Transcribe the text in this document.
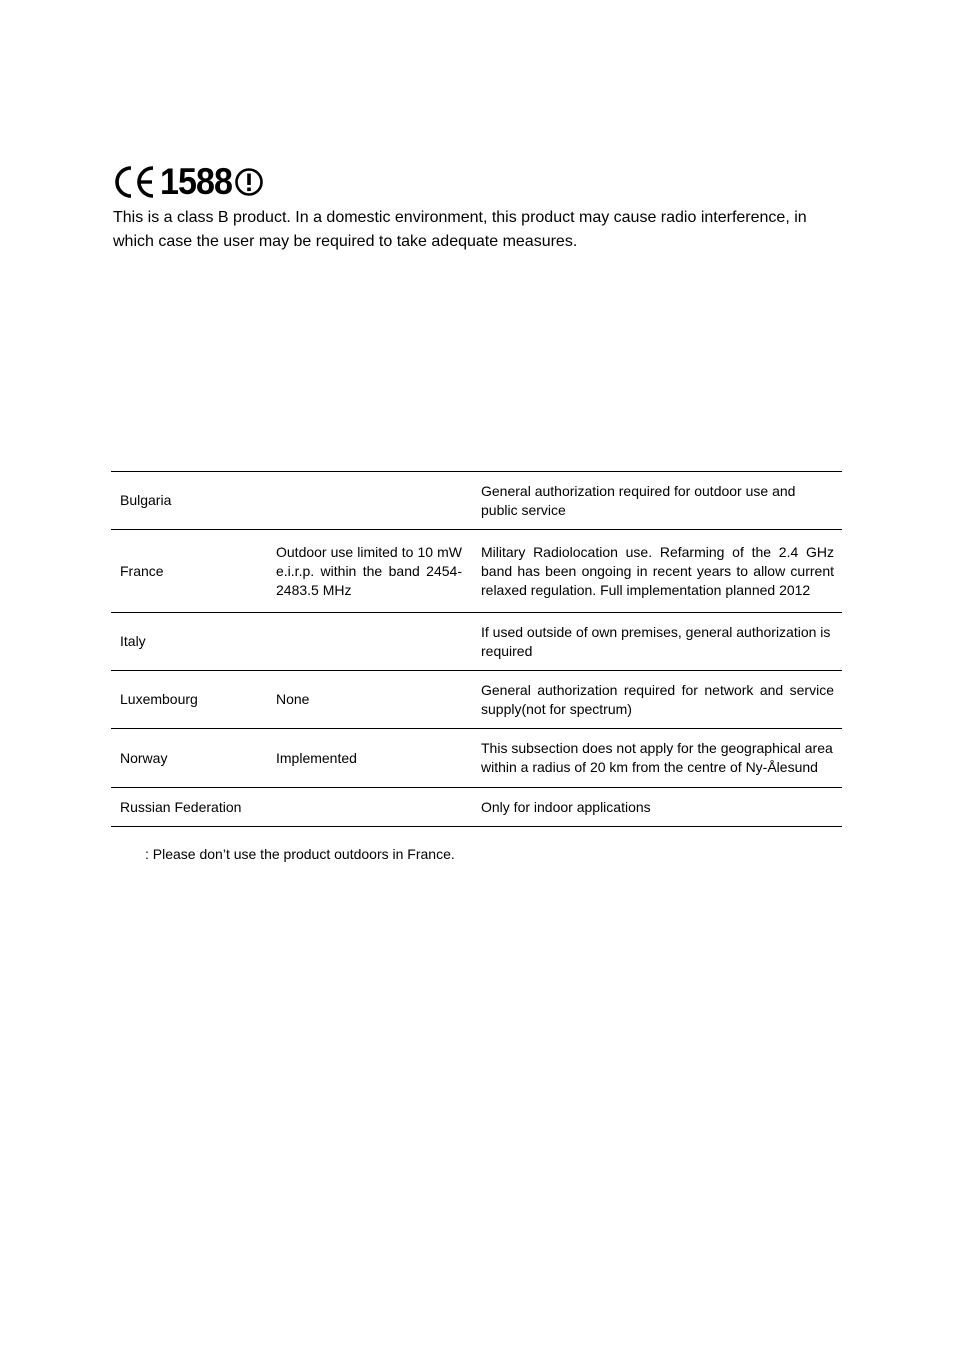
1588

This is a class B product. In a domestic environment, this product may cause radio interference, in which case the user may be required to take adequate measures.

Bulgaria		General authorization required for outdoor use and public service
France	Outdoor use limited to 10 mW e.i.r.p. within the band 2454-2483.5 MHz	Military Radiolocation use. Refarming of the 2.4 GHz band has been ongoing in recent years to allow current relaxed regulation. Full implementation planned 2012
Italy		If used outside of own premises, general authorization is required
Luxembourg	None	General authorization required for network and service supply(not for spectrum)
Norway	Implemented	This subsection does not apply for the geographical area within a radius of 20 km from the centre of Ny-Ålesund
Russian Federation		Only for indoor applications

: Please don’t use the product outdoors in France.
